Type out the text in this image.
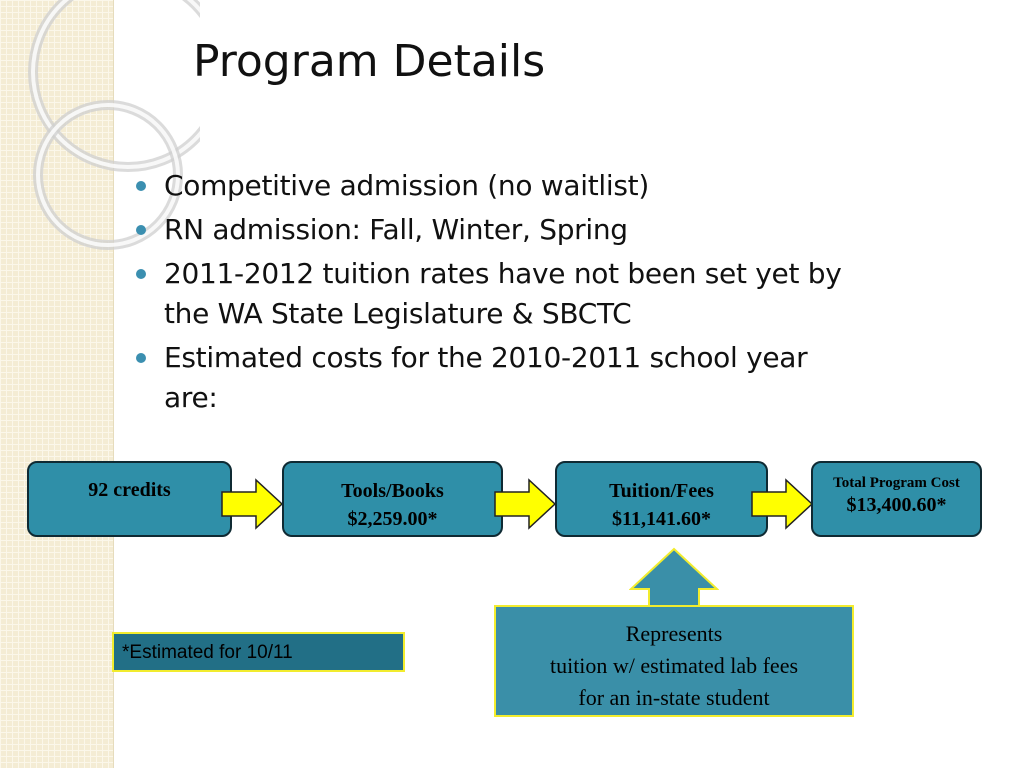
Program Details
Competitive admission (no waitlist)
RN admission: Fall, Winter, Spring
2011-2012 tuition rates have not been set yet by the WA State Legislature & SBCTC
Estimated costs for the 2010-2011 school year are:
92 credits	Tools/Books
$2,259.00*
Tuition/Fees
$11,141.60*
Total Program Cost
$13,400.60*
*Estimated for 10/11
Represents
tuition w/ estimated lab fees
for an in-state student
